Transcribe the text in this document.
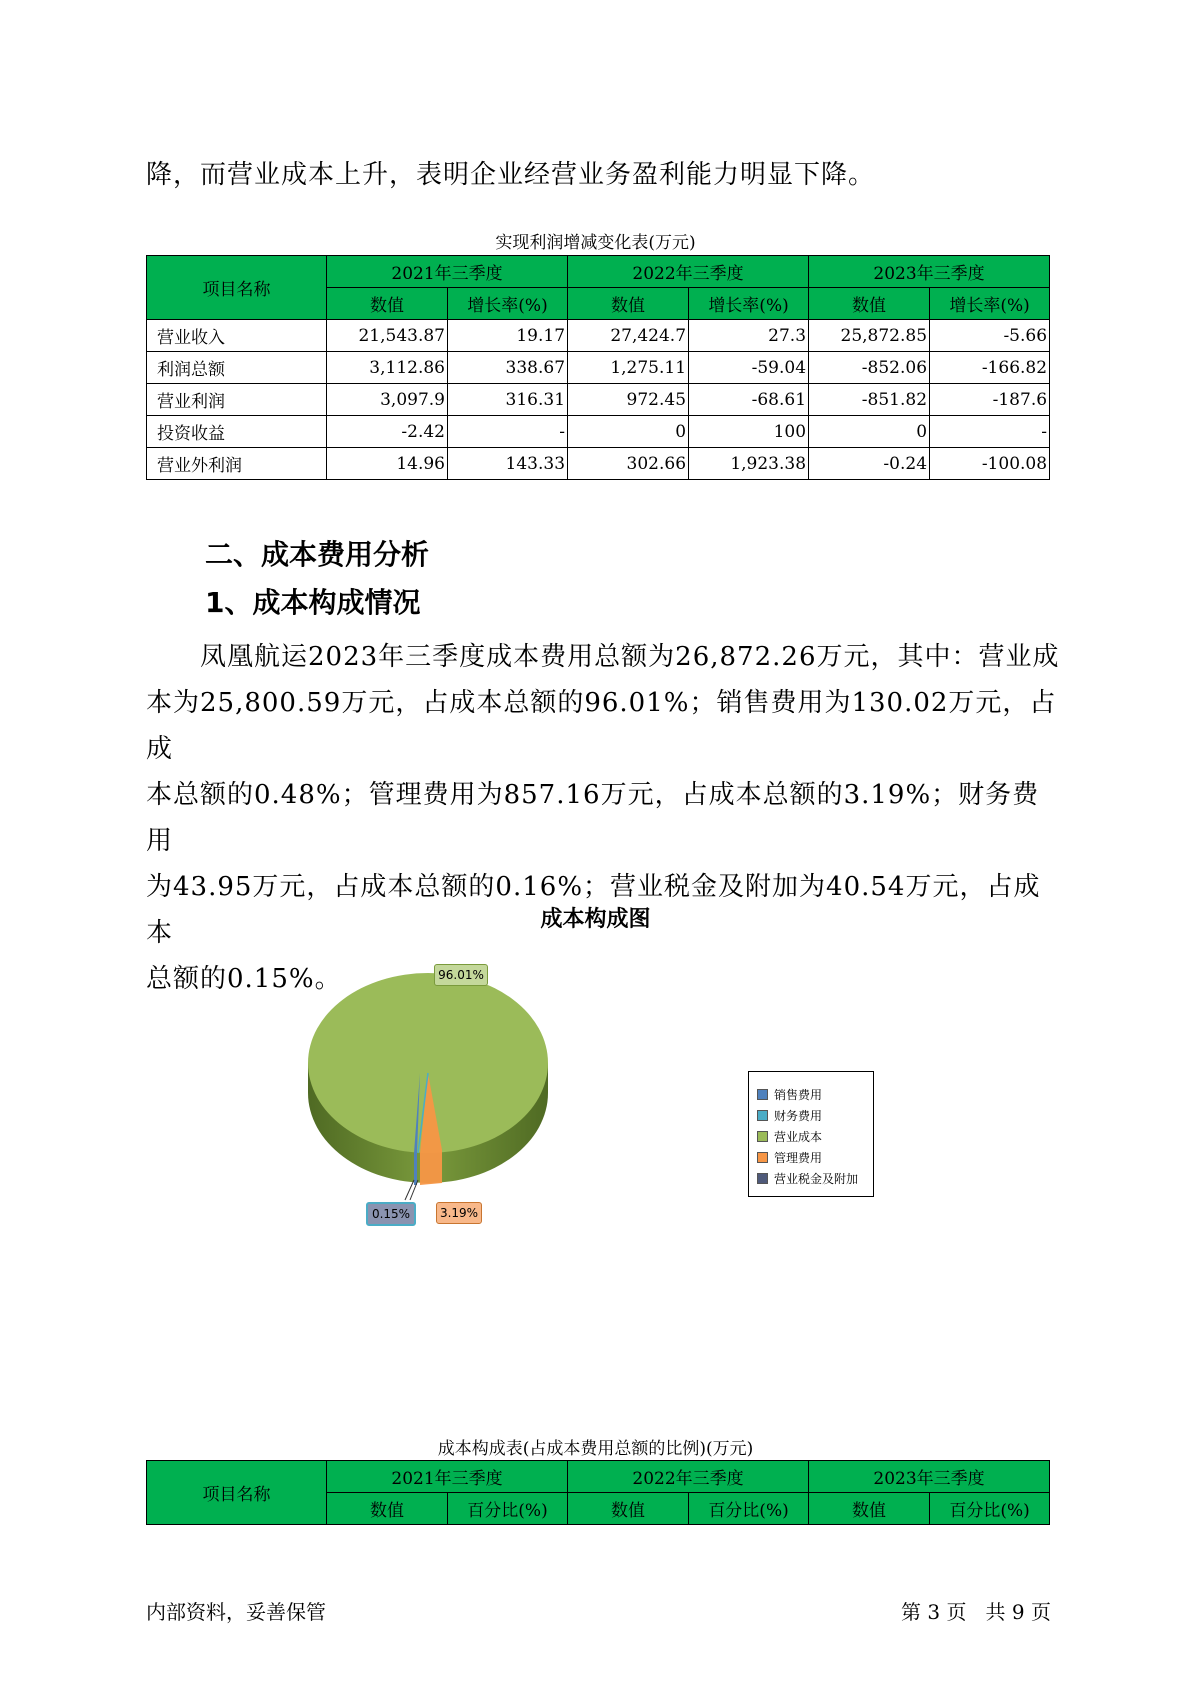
降，而营业成本上升，表明企业经营业务盈利能力明显下降。
实现利润增减变化表(万元)
项目名称	2021年三季度		2022年三季度		2023年三季度	
	数值	增长率(%)	数值	增长率(%)	数值	增长率(%)
营业收入	21,543.87	19.17	27,424.7	27.3	25,872.85	-5.66
利润总额	3,112.86	338.67	1,275.11	-59.04	-852.06	-166.82
营业利润	3,097.9	316.31	972.45	-68.61	-851.82	-187.6
投资收益	-2.42	-	0	100	0	-
营业外利润	14.96	143.33	302.66	1,923.38	-0.24	-100.08
二、成本费用分析
1、成本构成情况
凤凰航运2023年三季度成本费用总额为26,872.26万元，其中：营业成
本为25,800.59万元，占成本总额的96.01%；销售费用为130.02万元，占成
本总额的0.48%；管理费用为857.16万元，占成本总额的3.19%；财务费用
为43.95万元，占成本总额的0.16%；营业税金及附加为40.54万元，占成本
总额的0.15%。
成本构成图
96.01%
3.19%
0.15%
销售费用
财务费用
营业成本
管理费用
营业税金及附加
成本构成表(占成本费用总额的比例)(万元)
项目名称	2021年三季度		2022年三季度		2023年三季度	
	数值	百分比(%)	数值	百分比(%)	数值	百分比(%)
内部资料，妥善保管	第 3 页   共 9 页
